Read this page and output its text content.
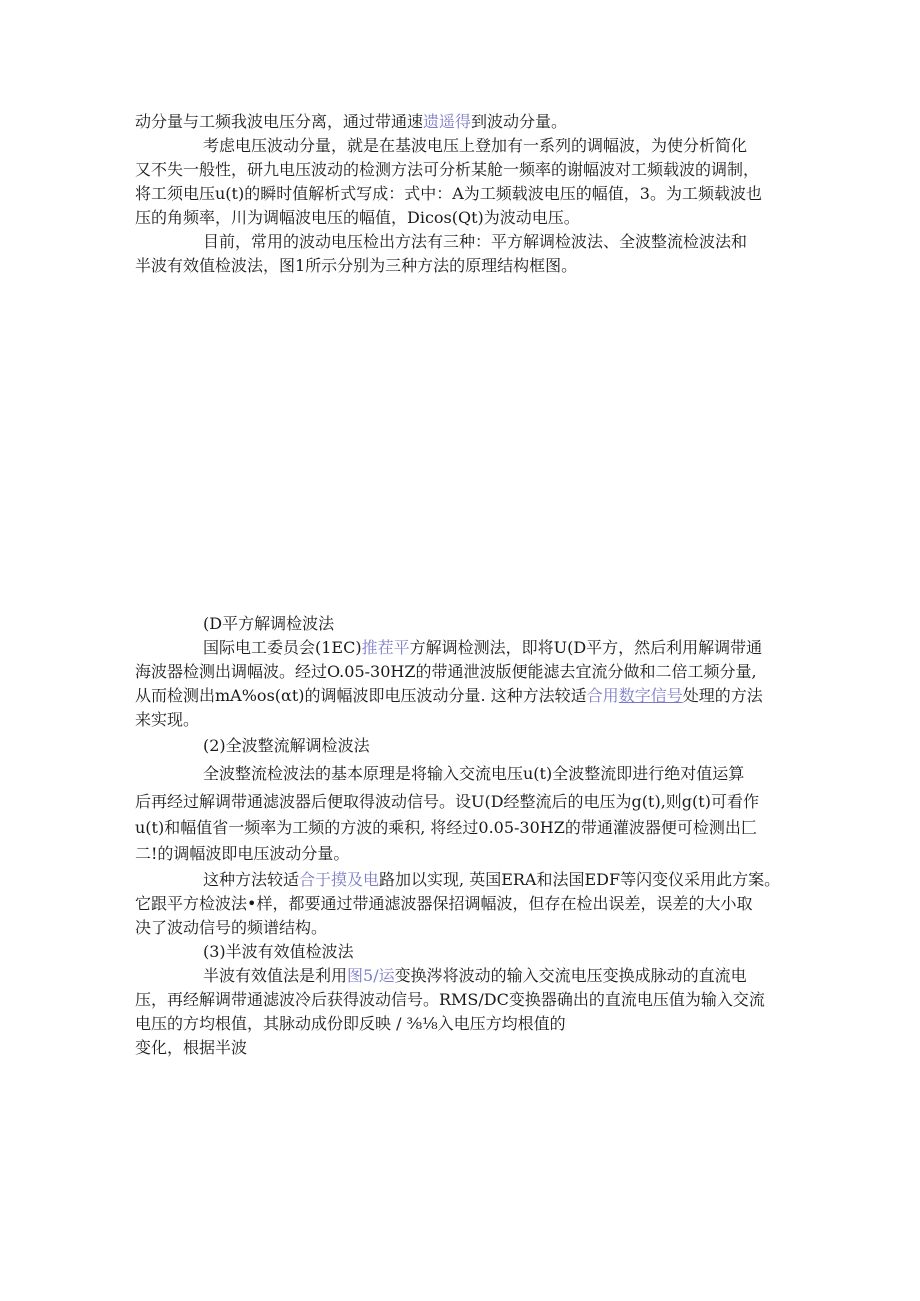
动分量与工频我波电压分离，通过带通速遗遥得到波动分量。
考虑电压波动分量，就是在基波电压上登加有一系列的调幅波，为使分析简化
又不失一般性，研九电压波动的检测方法可分析某舱一频率的谢幅波对工频载波的调制，
将工须电压u(t)的瞬时值解析式写成：式中：A为工频载波电压的幅值，3。为工频载波也
压的角频率，川为调幅波电压的幅值，Dicos(Qt)为波动电压。
目前，常用的波动电压检出方法有三种：平方解调检波法、全波整流检波法和
半波有效值检波法，图1所示分别为三种方法的原理结构框图。
(D平方解调检波法
国际电工委员会(1EC)推茬平方解调检测法，即将U(D平方，然后利用解调带通
海波器检测出调幅波。经过O.05-30HZ的带通泄波版便能滤去宜流分做和二倍工频分量,
从而检测出mA%os(αt)的调幅波即电压波动分量. 这种方法较适合用数字信号处理的方法
来实现。
(2)全波整流解调检波法
全波整流检波法的基本原理是将输入交流电压u(t)全波整流即进行绝对值运算
后再经过解调带通滤波器后便取得波动信号。设U(D经整流后的电压为g(t),则g(t)可看作
u(t)和幅值省一频率为工频的方波的乘积, 将经过0.05-30HZ的带通灌波器便可检测出匚
二!的调幅波即电压波动分量。
这种方法较适合于摸及电路加以实现, 英国ERA和法国EDF等闪变仪采用此方案。
它跟平方检波法•样，都要通过带通滤波器保招调幅波，但存在检出误差，误差的大小取
决了波动信号的频谱结构。
(3)半波有效值检波法
半波有效值法是利用图5/运变换涔将波动的输入交流电压变换成脉动的直流电
压，再经解调带通滤波冷后获得波动信号。RMS/DC变换器确出的直流电压值为输入交流
电压的方均根值，其脉动成份即反映 / ⅜⅛入电压方均根值的
变化，根据半波
